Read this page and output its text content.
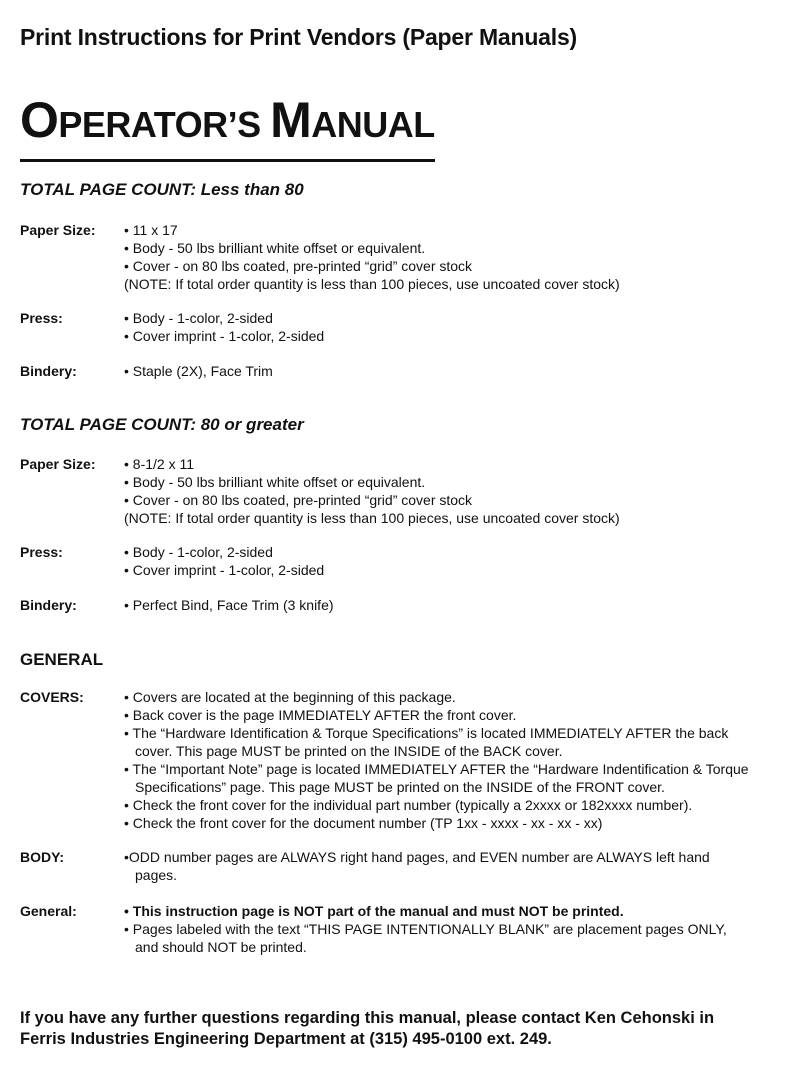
Print Instructions for Print Vendors (Paper Manuals)
OPERATOR’S MANUAL
TOTAL PAGE COUNT: Less than 80
Paper Size: • 11 x 17
• Body - 50 lbs brilliant white offset or equivalent.
• Cover - on 80 lbs coated, pre-printed “grid” cover stock
(NOTE: If total order quantity is less than 100 pieces, use uncoated cover stock)
Press:	• Body - 1-color, 2-sided
• Cover imprint - 1-color, 2-sided
Bindery:	• Staple (2X), Face Trim
TOTAL PAGE COUNT: 80 or greater
Paper Size: • 8-1/2 x 11
• Body - 50 lbs brilliant white offset or equivalent.
• Cover - on 80 lbs coated, pre-printed “grid” cover stock
(NOTE: If total order quantity is less than 100 pieces, use uncoated cover stock)
Press:	• Body - 1-color, 2-sided
• Cover imprint - 1-color, 2-sided
Bindery:	• Perfect Bind, Face Trim (3 knife)
GENERAL
COVERS:	• Covers are located at the beginning of this package.
• Back cover is the page IMMEDIATELY AFTER the front cover.
• The “Hardware Identification & Torque Specifications” is located IMMEDIATELY AFTER the back
cover. This page MUST be printed on the INSIDE of the BACK cover.
• The “Important Note” page is located IMMEDIATELY AFTER the “Hardware Indentification & Torque
Specifications” page. This page MUST be printed on the INSIDE of the FRONT cover.
• Check the front cover for the individual part number (typically a 2xxxx or 182xxxx number).
• Check the front cover for the document number (TP 1xx - xxxx - xx - xx - xx)
BODY:	•ODD number pages are ALWAYS right hand pages, and EVEN number are ALWAYS left hand
pages.
General:	• This instruction page is NOT part of the manual and must NOT be printed.
• Pages labeled with the text “THIS PAGE INTENTIONALLY BLANK” are placement pages ONLY,
and should NOT be printed.
If you have any further questions regarding this manual, please contact Ken Cehonski in
Ferris Industries Engineering Department at (315) 495-0100 ext. 249.
